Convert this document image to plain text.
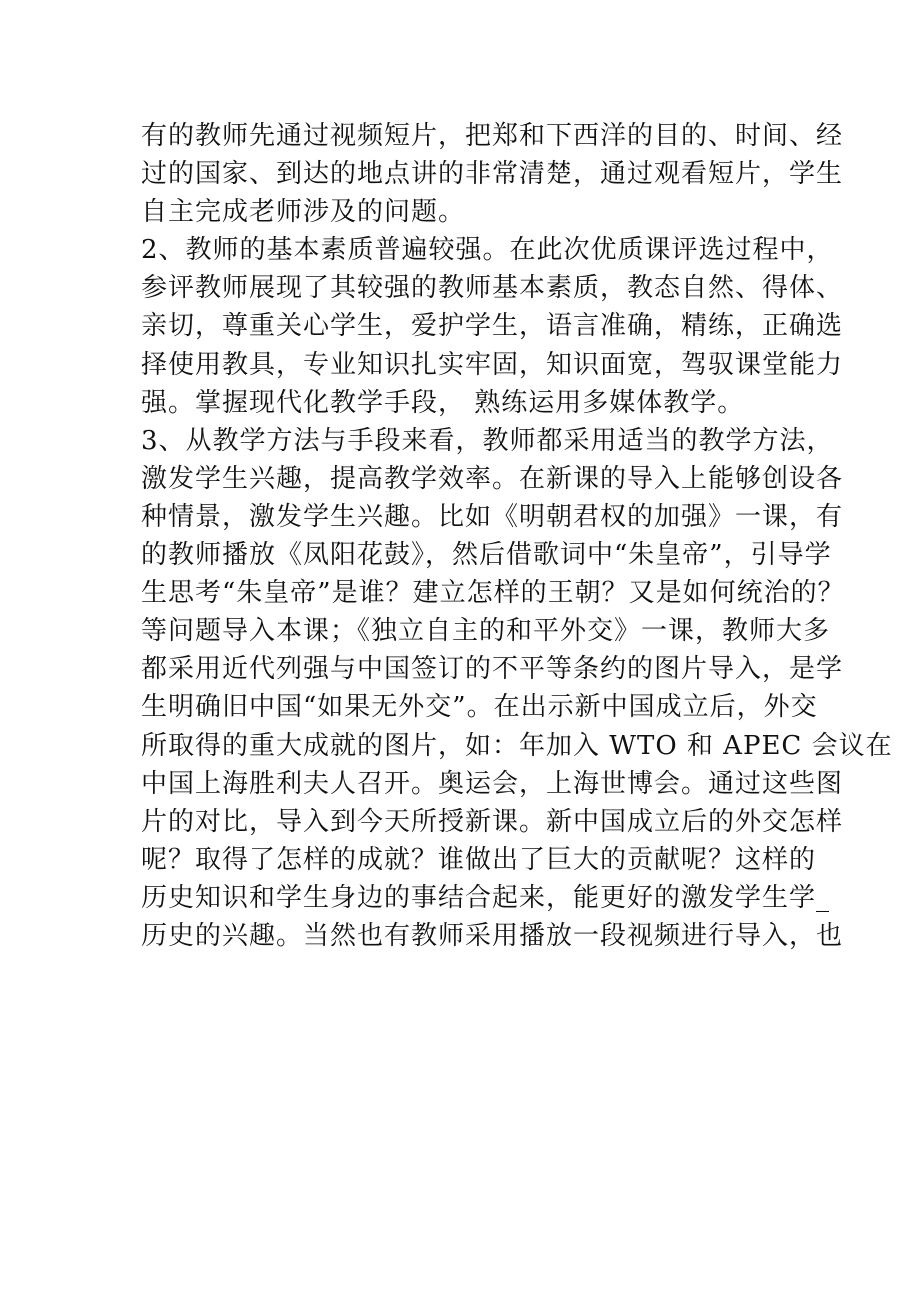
有的教师先通过视频短片，把郑和下西洋的目的、时间、经
过的国家、到达的地点讲的非常清楚，通过观看短片，学生
自主完成老师涉及的问题。
2、教师的基本素质普遍较强。在此次优质课评选过程中，
参评教师展现了其较强的教师基本素质，教态自然、得体、
亲切，尊重关心学生，爱护学生，语言准确，精练，正确选
择使用教具，专业知识扎实牢固，知识面宽，驾驭课堂能力
强。掌握现代化教学手段， 熟练运用多媒体教学。
3、从教学方法与手段来看，教师都采用适当的教学方法，
激发学生兴趣，提高教学效率。在新课的导入上能够创设各
种情景，激发学生兴趣。比如《明朝君权的加强》一课，有
的教师播放《凤阳花鼓》，然后借歌词中“朱皇帝”，引导学
生思考“朱皇帝”是谁？建立怎样的王朝？又是如何统治的？
等问题导入本课；《独立自主的和平外交》一课，教师大多
都采用近代列强与中国签订的不平等条约的图片导入，是学
生明确旧中国“如果无外交”。在出示新中国成立后，外交
所取得的重大成就的图片，如：年加入 WTO 和 APEC 会议在
中国上海胜利夫人召开。奥运会，上海世博会。通过这些图
片的对比，导入到今天所授新课。新中国成立后的外交怎样
呢？取得了怎样的成就？谁做出了巨大的贡献呢？这样的
历史知识和学生身边的事结合起来，能更好的激发学生学_
历史的兴趣。当然也有教师采用播放一段视频进行导入，也
